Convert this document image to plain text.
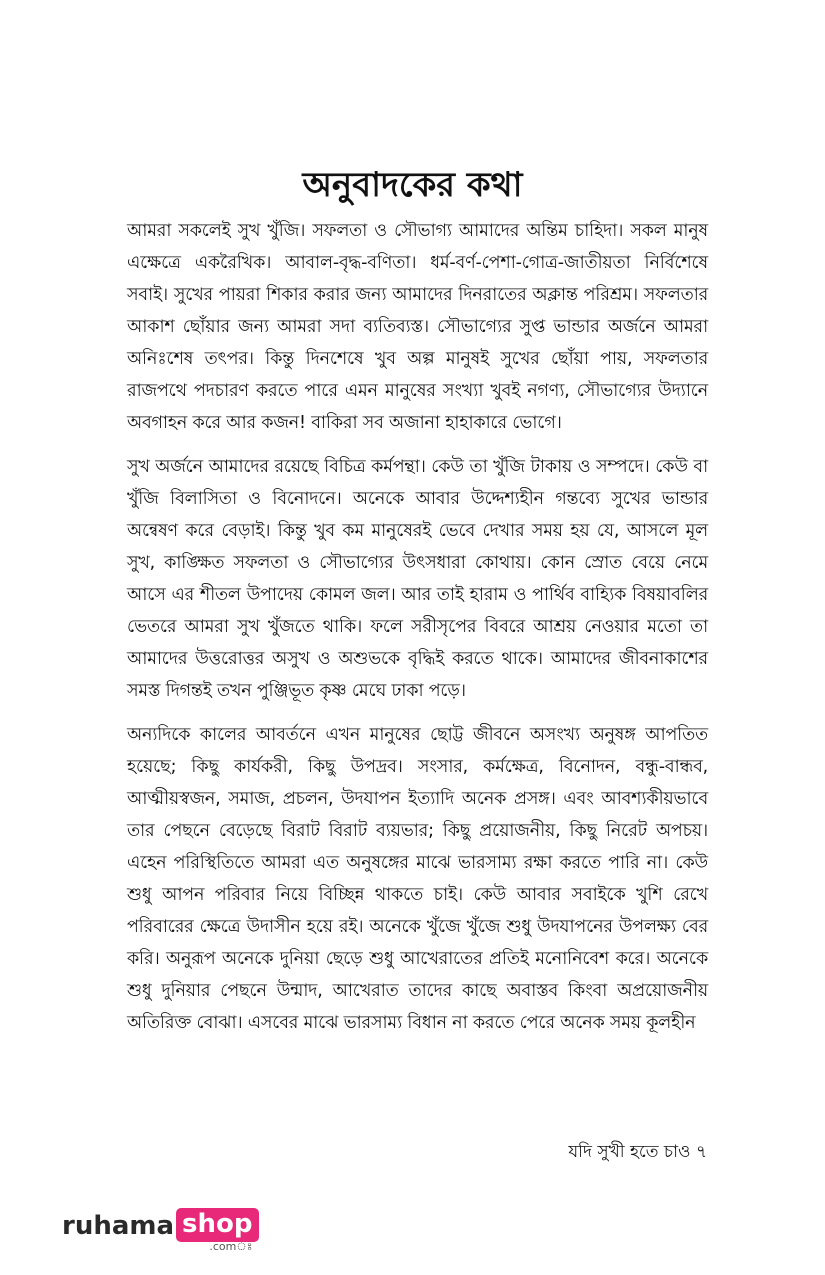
অনুবাদকের কথা

আমরা সকলেই সুখ খুঁজি। সফলতা ও সৌভাগ্য আমাদের অন্তিম চাহিদা। সকল মানুষ এক্ষেত্রে একরৈখিক। আবাল-বৃদ্ধ-বণিতা। ধর্ম-বর্ণ-পেশা-গোত্র-জাতীয়তা নির্বিশেষে সবাই। সুখের পায়রা শিকার করার জন্য আমাদের দিনরাতের অক্লান্ত পরিশ্রম। সফলতার আকাশ ছোঁয়ার জন্য আমরা সদা ব্যতিব্যস্ত। সৌভাগ্যের সুপ্ত ভান্ডার অর্জনে আমরা অনিঃশেষ তৎপর। কিন্তু দিনশেষে খুব অল্প মানুষই সুখের ছোঁয়া পায়, সফলতার রাজপথে পদচারণ করতে পারে এমন মানুষের সংখ্যা খুবই নগণ্য, সৌভাগ্যের উদ্যানে অবগাহন করে আর কজন! বাকিরা সব অজানা হাহাকারে ভোগে।

সুখ অর্জনে আমাদের রয়েছে বিচিত্র কর্মপন্থা। কেউ তা খুঁজি টাকায় ও সম্পদে। কেউ বা খুঁজি বিলাসিতা ও বিনোদনে। অনেকে আবার উদ্দেশ্যহীন গন্তব্যে সুখের ভান্ডার অন্বেষণ করে বেড়াই। কিন্তু খুব কম মানুষেরই ভেবে দেখার সময় হয় যে, আসলে মূল সুখ, কাঙ্ক্ষিত সফলতা ও সৌভাগ্যের উৎসধারা কোথায়। কোন স্রোত বেয়ে নেমে আসে এর শীতল উপাদেয় কোমল জল। আর তাই হারাম ও পার্থিব বাহ্যিক বিষয়াবলির ভেতরে আমরা সুখ খুঁজতে থাকি। ফলে সরীসৃপের বিবরে আশ্রয় নেওয়ার মতো তা আমাদের উত্তরোত্তর অসুখ ও অশুভকে বৃদ্ধিই করতে থাকে। আমাদের জীবনাকাশের সমস্ত দিগন্তই তখন পুঞ্জিভূত কৃষ্ণ মেঘে ঢাকা পড়ে।

অন্যদিকে কালের আবর্তনে এখন মানুষের ছোট্ট জীবনে অসংখ্য অনুষঙ্গ আপতিত হয়েছে; কিছু কার্যকরী, কিছু উপদ্রব। সংসার, কর্মক্ষেত্র, বিনোদন, বন্ধু-বান্ধব, আত্মীয়স্বজন, সমাজ, প্রচলন, উদযাপন ইত্যাদি অনেক প্রসঙ্গ। এবং আবশ্যকীয়ভাবে তার পেছনে বেড়েছে বিরাট বিরাট ব্যয়ভার; কিছু প্রয়োজনীয়, কিছু নিরেট অপচয়। এহেন পরিস্থিতিতে আমরা এত অনুষঙ্গের মাঝে ভারসাম্য রক্ষা করতে পারি না। কেউ শুধু আপন পরিবার নিয়ে বিচ্ছিন্ন থাকতে চাই। কেউ আবার সবাইকে খুশি রেখে পরিবারের ক্ষেত্রে উদাসীন হয়ে রই। অনেকে খুঁজে খুঁজে শুধু উদযাপনের উপলক্ষ্য বের করি। অনুরূপ অনেকে দুনিয়া ছেড়ে শুধু আখেরাতের প্রতিই মনোনিবেশ করে। অনেকে শুধু দুনিয়ার পেছনে উন্মাদ, আখেরাত তাদের কাছে অবাস্তব কিংবা অপ্রয়োজনীয় অতিরিক্ত বোঝা। এসবের মাঝে ভারসাম্য বিধান না করতে পেরে অনেক সময় কূলহীন

যদি সুখী হতে চাও ৭
ruhama shop
.comঃ
